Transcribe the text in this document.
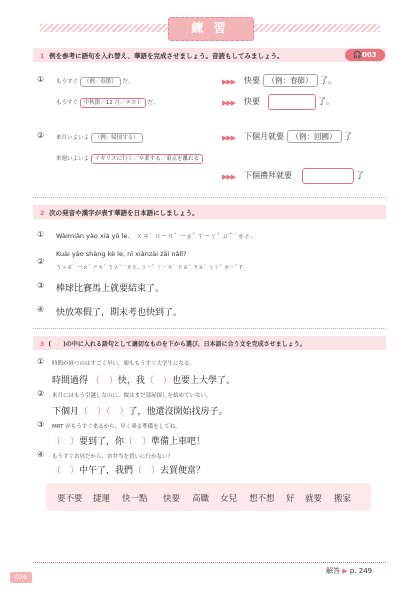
練 習
1 例を参考に語句を入れ替え、華語を完成させましょう。音読もしてみましょう。	🎧003
① もうすぐ （例：春節） だ。	▶▶▶ 快要 （例：春節） 了。
もうすぐ 中秋節／12 月／テスト だ。	▶▶▶ 快要	了。
② 来月いよいよ （例：帰国する）	▶▶▶ 下個月就要 （例：回國） 了
来週いよいよ イギリスに行く／卒業する／東京を離れる
▶▶▶ 下個禮拜就要	了
2 次の発音や漢字が表す華語を日本語にしましょう。
① Wàimiàn yào xià yǔ le.　ㄨㄞˋ ㄇㄧㄢˋ 一ㄠˋ ㄒㄧㄚˋ ㄩˇ ˙ㄌㄜ.
②
Kuài yào shàng kè le, nǐ xiànzài zài nǎlǐ?
ㄎㄨㄞˋ 一ㄠˋ ㄕㄤˋ ㄎㄜˋ ˙ㄌㄜ, ㄋㄧˇ ㄒㄧㄢˋ ㄗㄞˋ ㄗㄞˋ ㄋㄚˇ ㄌㄧˇ ?
③ 棒球比賽馬上就要結束了。
④ 快放寒假了，期末考也快到了。
3 (　　)の中に入れる語句として適切なものを下から選び、日本語に合う文を完成させましょう。
① 時間が経つのはすごく早い。娘ももうすぐ大学生になる。
時間過得 （　）快，我（　）也要上大學了。
② 来月にはもう引越しなのに、彼はまだ部屋探しを始めていない。
下個月（　）（　）了，他還沒開始找房子。
③ MRT がもうすぐ来るから、早く乗る準備をしてね。
（　）要到了，你（　）準備上車吧！
④ もうすぐお昼だから、お弁当を買いに行かない？
（　）中午了，我們（　）去買便當？
要不要 捷運 快一點 快要 高職 女兒 想不想 好 就要 搬家
解答 ▶ p. 249
026
